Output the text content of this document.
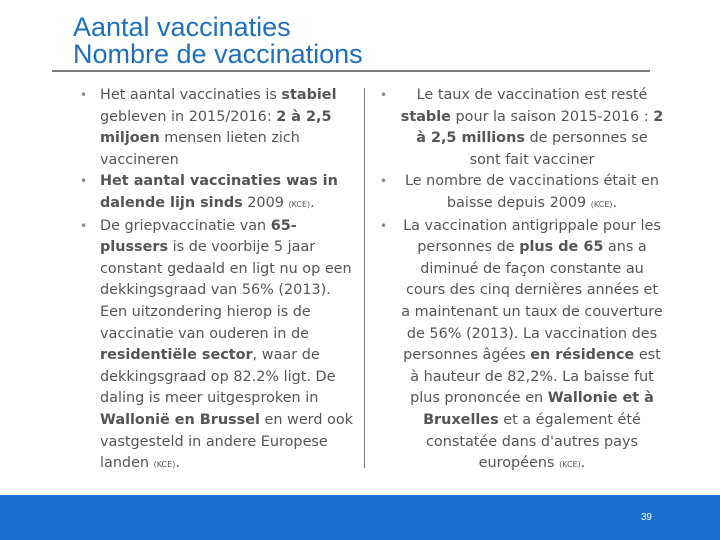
Aantal vaccinaties
Nombre de vaccinations
• Het aantal vaccinaties is stabiel gebleven in 2015/2016: 2 à 2,5 miljoen mensen lieten zich vaccineren
• Het aantal vaccinaties was in dalende lijn sinds 2009 (KCE).
• De griepvaccinatie van 65-plussers is de voorbije 5 jaar constant gedaald en ligt nu op een dekkingsgraad van 56% (2013). Een uitzondering hierop is de vaccinatie van ouderen in de residentiële sector, waar de dekkingsgraad op 82.2% ligt. De daling is meer uitgesproken in Wallonië en Brussel en werd ook vastgesteld in andere Europese landen (KCE).
•	Le taux de vaccination est resté stable pour la saison 2015-2016 : 2 à 2,5 millions de personnes se sont fait vacciner
•	Le nombre de vaccinations était en baisse depuis 2009 (KCE).
• La vaccination antigrippale pour les personnes de plus de 65 ans a diminué de façon constante au cours des cinq dernières années et a maintenant un taux de couverture de 56% (2013). La vaccination des personnes âgées en résidence est à hauteur de 82,2%. La baisse fut plus prononcée en Wallonie et à Bruxelles et a également été constatée dans d'autres pays européens (KCE).
39
